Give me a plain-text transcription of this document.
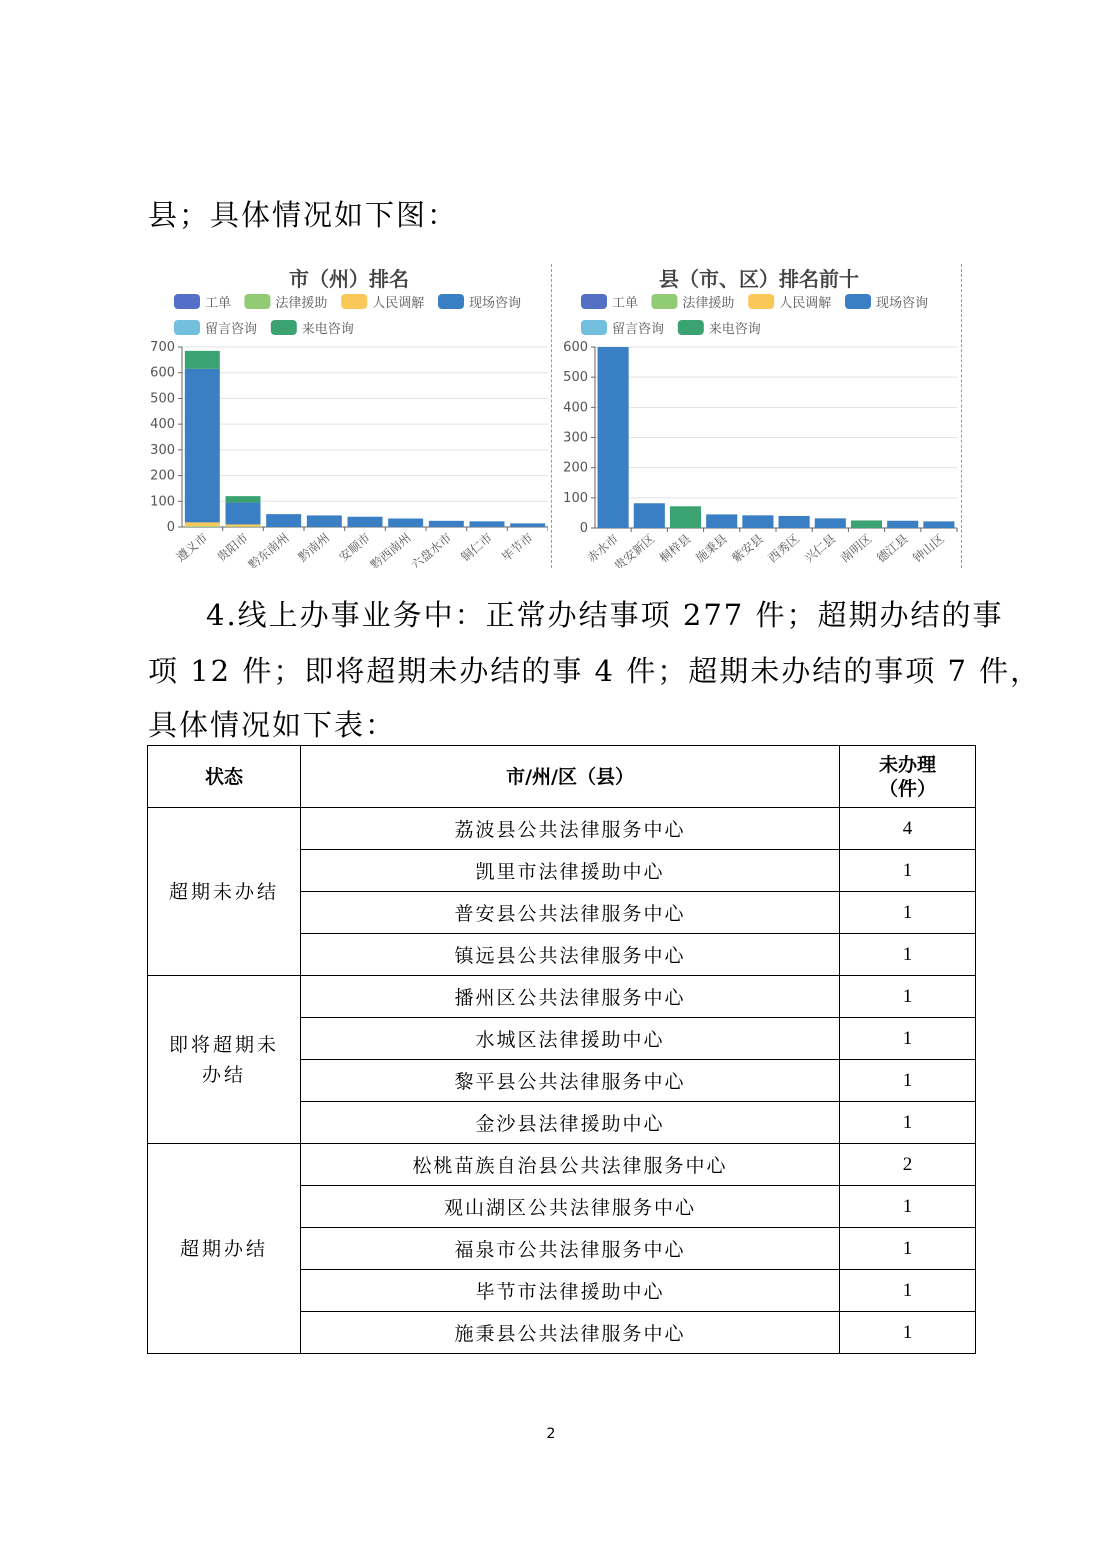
县；具体情况如下图：
市（州）排名
工单	法律援助	人民调解	现场咨询
留言咨询	来电咨询
0
100
200
300
400
500
600
700
遵义市 贵阳市
黔东南州 黔南州 安顺市
黔西南州
六盘水市 铜仁市 毕节市
县（市、区）排名前十
工单	法律援助	人民调解	现场咨询
留言咨询	来电咨询
0
100
200
300
400
500
600
赤水市
贵安新区 桐梓县 施秉县 紫安县 西秀区 兴仁县 南明区 德江县 钟山区
4.线上办事业务中：正常办结事项 277 件；超期办结的事
项 12 件；即将超期未办结的事 4 件；超期未办结的事项 7 件，
具体情况如下表：
状态	市/州/区（县）	未办理（件）

超期未办结	荔波县公共法律服务中心	4
	凯里市法律援助中心	1
	普安县公共法律服务中心	1
	镇远县公共法律服务中心	1

即将超期未办结	播州区公共法律服务中心	1
	水城区法律援助中心	1
	黎平县公共法律服务中心	1
	金沙县法律援助中心	1

超期办结	松桃苗族自治县公共法律服务中心	2
	观山湖区公共法律服务中心	1
	福泉市公共法律服务中心	1
	毕节市法律援助中心	1
	施秉县公共法律服务中心	1
2
